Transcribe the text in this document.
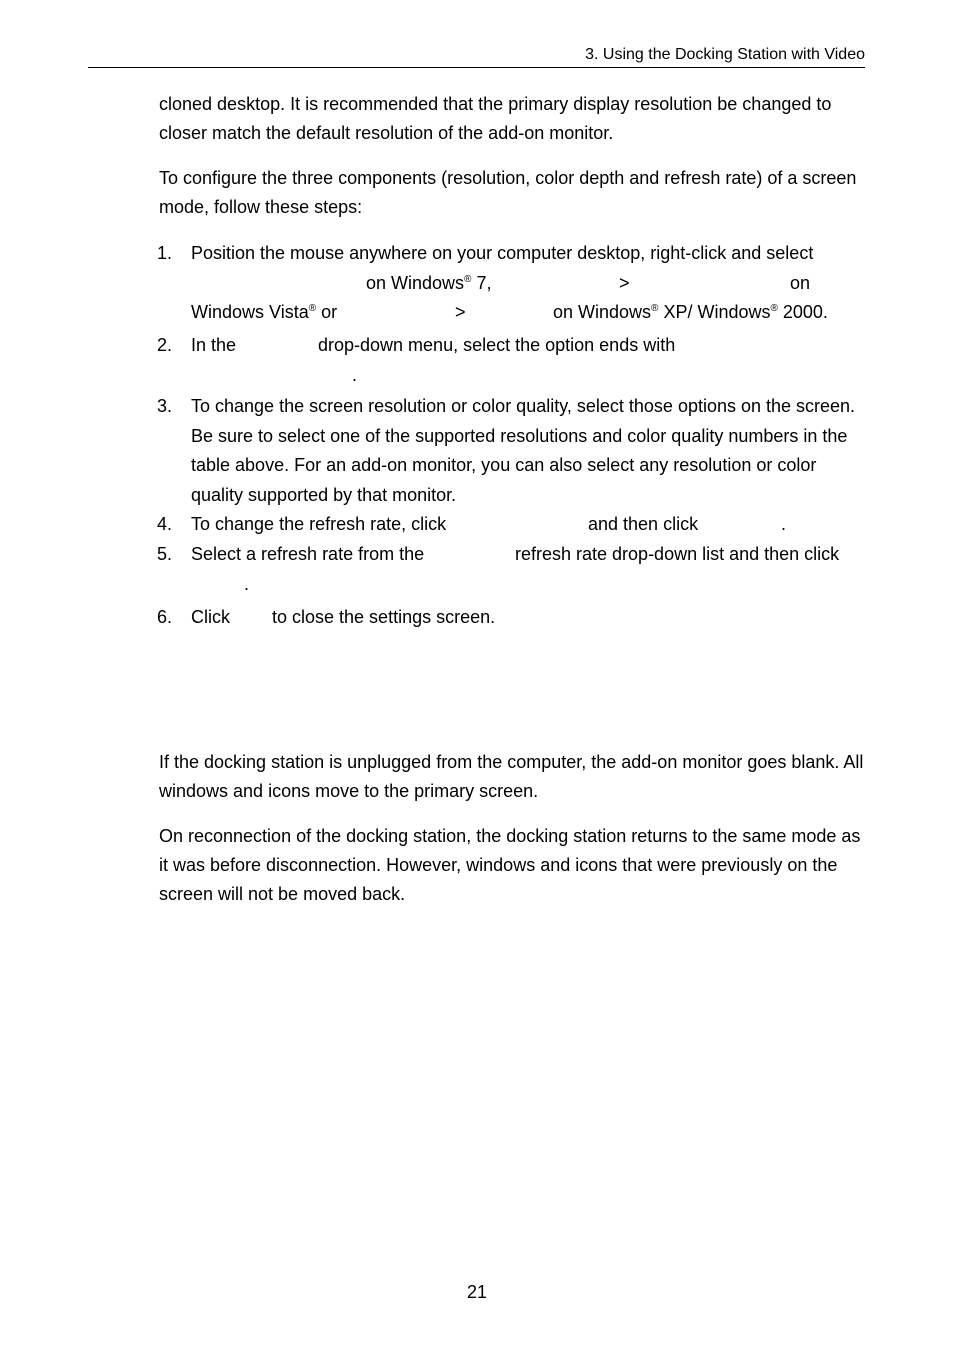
3. Using the Docking Station with Video

cloned desktop. It is recommended that the primary display resolution be changed to closer match the default resolution of the add-on monitor.

To configure the three components (resolution, color depth and refresh rate) of a screen mode, follow these steps:

1. Position the mouse anywhere on your computer desktop, right-click and select
on Windows® 7,	>	on
Windows Vista® or	>	on Windows® XP/ Windows® 2000.
2. In the	drop-down menu, select the option ends with
.
3. To change the screen resolution or color quality, select those options on the screen. Be sure to select one of the supported resolutions and color quality numbers in the table above. For an add-on monitor, you can also select any resolution or color quality supported by that monitor.
4. To change the refresh rate, click	and then click	.
5. Select a refresh rate from the	refresh rate drop-down list and then click
.
6. Click to close the settings screen.

If the docking station is unplugged from the computer, the add-on monitor goes blank. All windows and icons move to the primary screen.

On reconnection of the docking station, the docking station returns to the same mode as it was before disconnection. However, windows and icons that were previously on the screen will not be moved back.

21
